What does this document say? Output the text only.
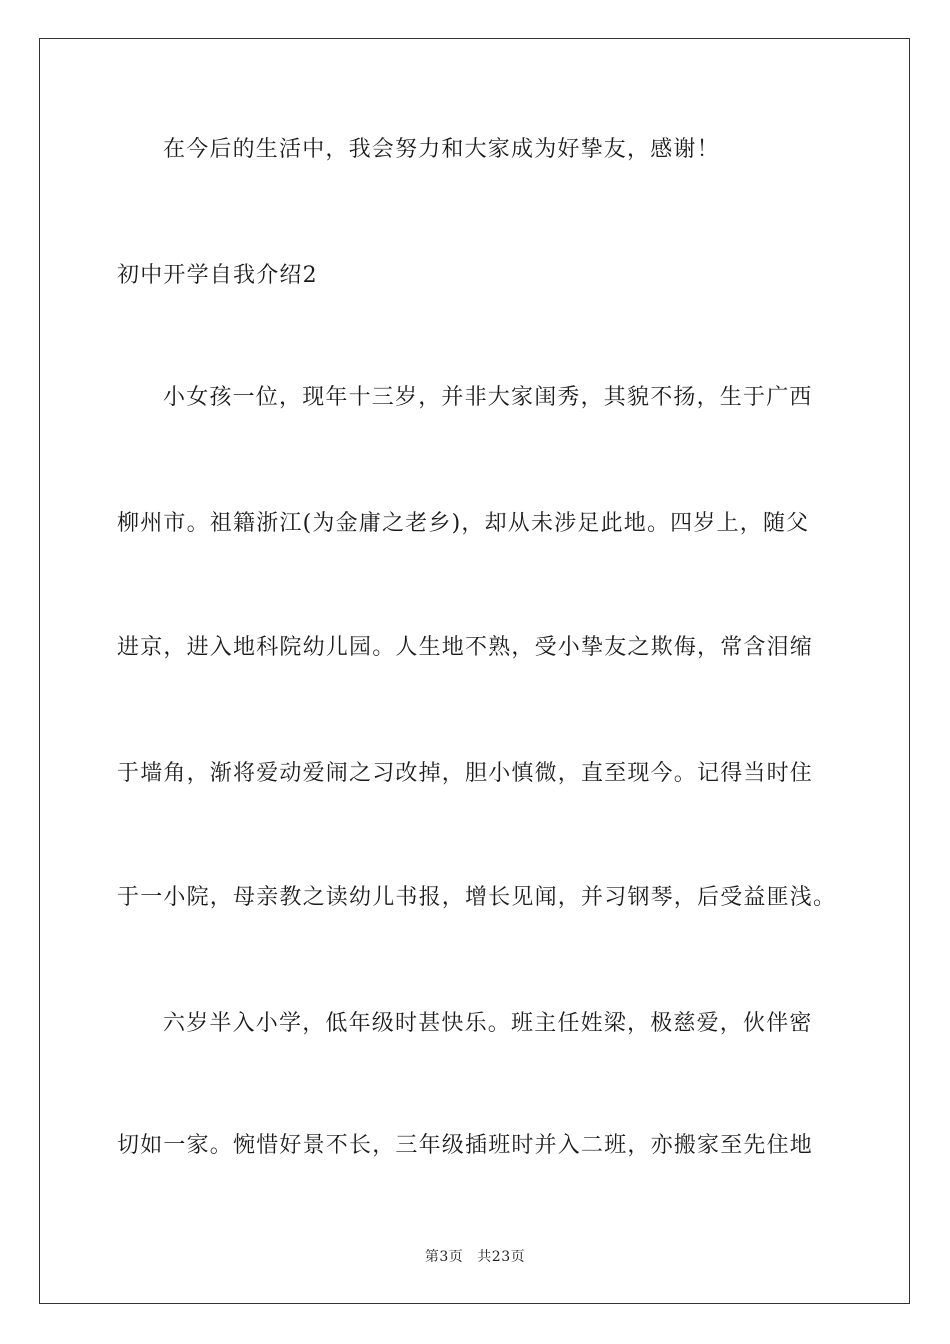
在今后的生活中，我会努力和大家成为好挚友，感谢！
初中开学自我介绍2
小女孩一位，现年十三岁，并非大家闺秀，其貌不扬，生于广西
柳州市。祖籍浙江(为金庸之老乡)，却从未涉足此地。四岁上，随父
进京，进入地科院幼儿园。人生地不熟，受小挚友之欺侮，常含泪缩
于墙角，渐将爱动爱闹之习改掉，胆小慎微，直至现今。记得当时住
于一小院，母亲教之读幼儿书报，增长见闻，并习钢琴，后受益匪浅。
六岁半入小学，低年级时甚快乐。班主任姓梁，极慈爱，伙伴密
切如一家。惋惜好景不长，三年级插班时并入二班，亦搬家至先住地
第3页 共23页
